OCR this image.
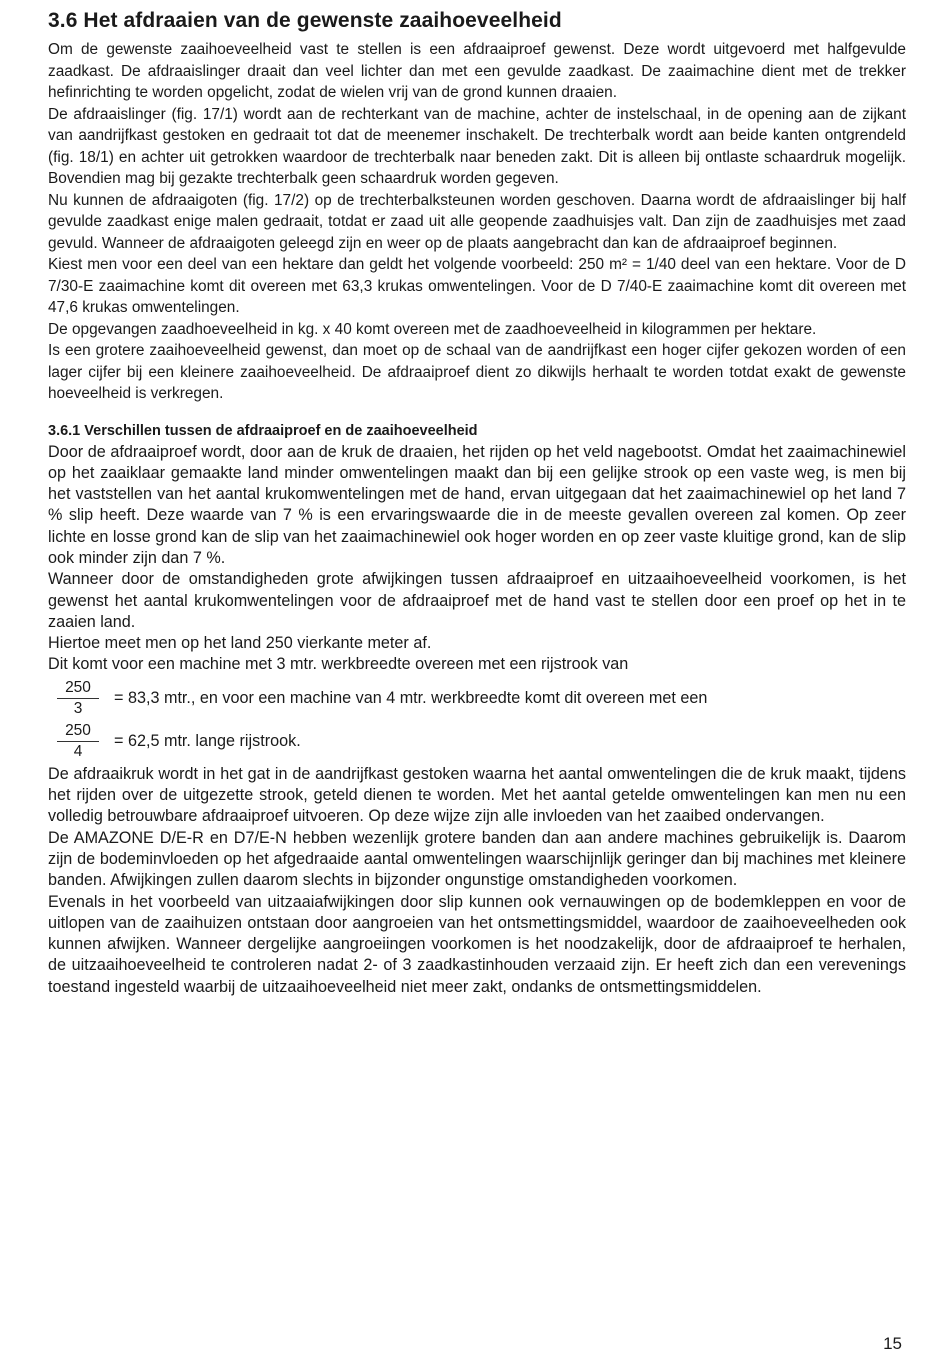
3.6 Het afdraaien van de gewenste zaaihoeveelheid

Om de gewenste zaaihoeveelheid vast te stellen is een afdraaiproef gewenst. Deze wordt uitgevoerd met halfgevulde zaadkast. De afdraaislinger draait dan veel lichter dan met een gevulde zaadkast. De zaaimachine dient met de trekker hefinrichting te worden opgelicht, zodat de wielen vrij van de grond kunnen draaien.

De afdraaislinger (fig. 17/1) wordt aan de rechterkant van de machine, achter de instelschaal, in de opening aan de zijkant van aandrijfkast gestoken en gedraait tot dat de meenemer inschakelt. De trechterbalk wordt aan beide kanten ontgrendeld (fig. 18/1) en achter uit getrokken waardoor de trechterbalk naar beneden zakt. Dit is alleen bij ontlaste schaardruk mogelijk. Bovendien mag bij gezakte trechterbalk geen schaardruk worden gegeven.

Nu kunnen de afdraaigoten (fig. 17/2) op de trechterbalksteunen worden geschoven. Daarna wordt de afdraaislinger bij half gevulde zaadkast enige malen gedraait, totdat er zaad uit alle geopende zaadhuisjes valt. Dan zijn de zaadhuisjes met zaad gevuld. Wanneer de afdraaigoten geleegd zijn en weer op de plaats aangebracht dan kan de afdraaiproef beginnen.

Kiest men voor een deel van een hektare dan geldt het volgende voorbeeld: 250 m² = 1/40 deel van een hektare. Voor de D 7/30-E zaaimachine komt dit overeen met 63,3 krukas omwentelingen. Voor de D 7/40-E zaaimachine komt dit overeen met 47,6 krukas omwentelingen.

De opgevangen zaadhoeveelheid in kg. x 40 komt overeen met de zaadhoeveelheid in kilogrammen per hektare.

Is een grotere zaaihoeveelheid gewenst, dan moet op de schaal van de aandrijfkast een hoger cijfer gekozen worden of een lager cijfer bij een kleinere zaaihoeveelheid. De afdraaiproef dient zo dikwijls herhaalt te worden totdat exakt de gewenste hoeveelheid is verkregen.

3.6.1 Verschillen tussen de afdraaiproef en de zaaihoeveelheid

Door de afdraaiproef wordt, door aan de kruk de draaien, het rijden op het veld nagebootst. Omdat het zaaimachinewiel op het zaaiklaar gemaakte land minder omwentelingen maakt dan bij een gelijke strook op een vaste weg, is men bij het vaststellen van het aantal krukomwentelingen met de hand, ervan uitgegaan dat het zaaimachinewiel op het land 7 % slip heeft. Deze waarde van 7 % is een ervaringswaarde die in de meeste gevallen overeen zal komen. Op zeer lichte en losse grond kan de slip van het zaaimachinewiel ook hoger worden en op zeer vaste kluitige grond, kan de slip ook minder zijn dan 7 %.

Wanneer door de omstandigheden grote afwijkingen tussen afdraaiproef en uitzaaihoeveelheid voorkomen, is het gewenst het aantal krukomwentelingen voor de afdraaiproef met de hand vast te stellen door een proef op het in te zaaien land.

Hiertoe meet men op het land 250 vierkante meter af.

Dit komt voor een machine met 3 mtr. werkbreedte overeen met een rijstrook van

$\frac{250}{3} = 83,3$ mtr., en voor een machine van 4 mtr. werkbreedte komt dit overeen met een
$\frac{250}{4} = 62,5$ mtr. lange rijstrook.

De afdraaikruk wordt in het gat in de aandrijfkast gestoken waarna het aantal omwentelingen die de kruk maakt, tijdens het rijden over de uitgezette strook, geteld dienen te worden. Met het aantal getelde omwentelingen kan men nu een volledig betrouwbare afdraaiproef uitvoeren. Op deze wijze zijn alle invloeden van het zaaibed ondervangen.

De AMAZONE D/E-R en D7/E-N hebben wezenlijk grotere banden dan aan andere machines gebruikelijk is. Daarom zijn de bodeminvloeden op het afgedraaide aantal omwentelingen waarschijnlijk geringer dan bij machines met kleinere banden. Afwijkingen zullen daarom slechts in bijzonder ongunstige omstandigheden voorkomen.

Evenals in het voorbeeld van uitzaaiafwijkingen door slip kunnen ook vernauwingen op de bodemkleppen en voor de uitlopen van de zaaihuizen ontstaan door aangroeien van het ontsmettingsmiddel, waardoor de zaaihoeveelheden ook kunnen afwijken. Wanneer dergelijke aangroeiingen voorkomen is het noodzakelijk, door de afdraaiproef te herhalen, de uitzaaihoeveelheid te controleren nadat 2- of 3 zaadkastinhouden verzaaid zijn. Er heeft zich dan een verevenings toestand ingesteld waarbij de uitzaaihoeveelheid niet meer zakt, ondanks de ontsmettingsmiddelen.

15
